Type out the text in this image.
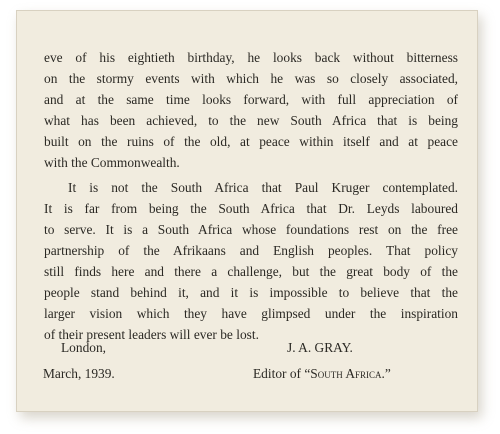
eve of his eightieth birthday, he looks back without bitterness
on the stormy events with which he was so closely associated,
and at the same time looks forward, with full appreciation of
what has been achieved, to the new South Africa that is being
built on the ruins of the old, at peace within itself and at peace
with the Commonwealth.

It is not the South Africa that Paul Kruger contemplated.
It is far from being the South Africa that Dr. Leyds laboured
to serve. It is a South Africa whose foundations rest on the free
partnership of the Afrikaans and English peoples. That policy
still finds here and there a challenge, but the great body of the
people stand behind it, and it is impossible to believe that the
larger vision which they have glimpsed under the inspiration
of their present leaders will ever be lost.

London,
March, 1939.
J. A. GRAY.
Editor of “South Africa.”
